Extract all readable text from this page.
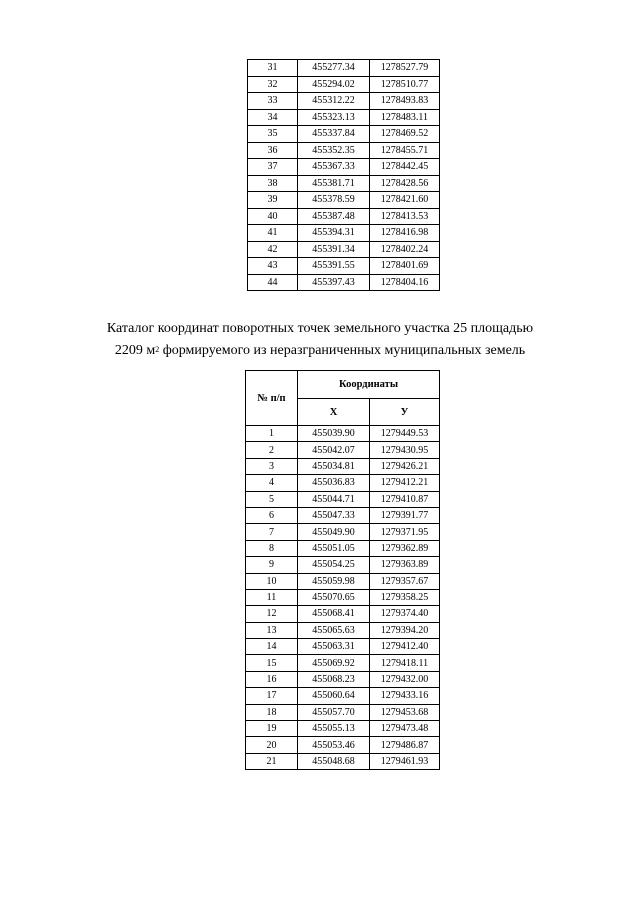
31	455277.34	1278527.79
32	455294.02	1278510.77
33	455312.22	1278493.83
34	455323.13	1278483.11
35	455337.84	1278469.52
36	455352.35	1278455.71
37	455367.33	1278442.45
38	455381.71	1278428.56
39	455378.59	1278421.60
40	455387.48	1278413.53
41	455394.31	1278416.98
42	455391.34	1278402.24
43	455391.55	1278401.69
44	455397.43	1278404.16
Каталог координат поворотных точек земельного участка 25 площадью
2209 $м^2$ формируемого из неразграниченных муниципальных земель
№ п/п	Координаты	
	Х	У
1	455039.90	1279449.53
2	455042.07	1279430.95
3	455034.81	1279426.21
4	455036.83	1279412.21
5	455044.71	1279410.87
6	455047.33	1279391.77
7	455049.90	1279371.95
8	455051.05	1279362.89
9	455054.25	1279363.89
10	455059.98	1279357.67
11	455070.65	1279358.25
12	455068.41	1279374.40
13	455065.63	1279394.20
14	455063.31	1279412.40
15	455069.92	1279418.11
16	455068.23	1279432.00
17	455060.64	1279433.16
18	455057.70	1279453.68
19	455055.13	1279473.48
20	455053.46	1279486.87
21	455048.68	1279461.93
